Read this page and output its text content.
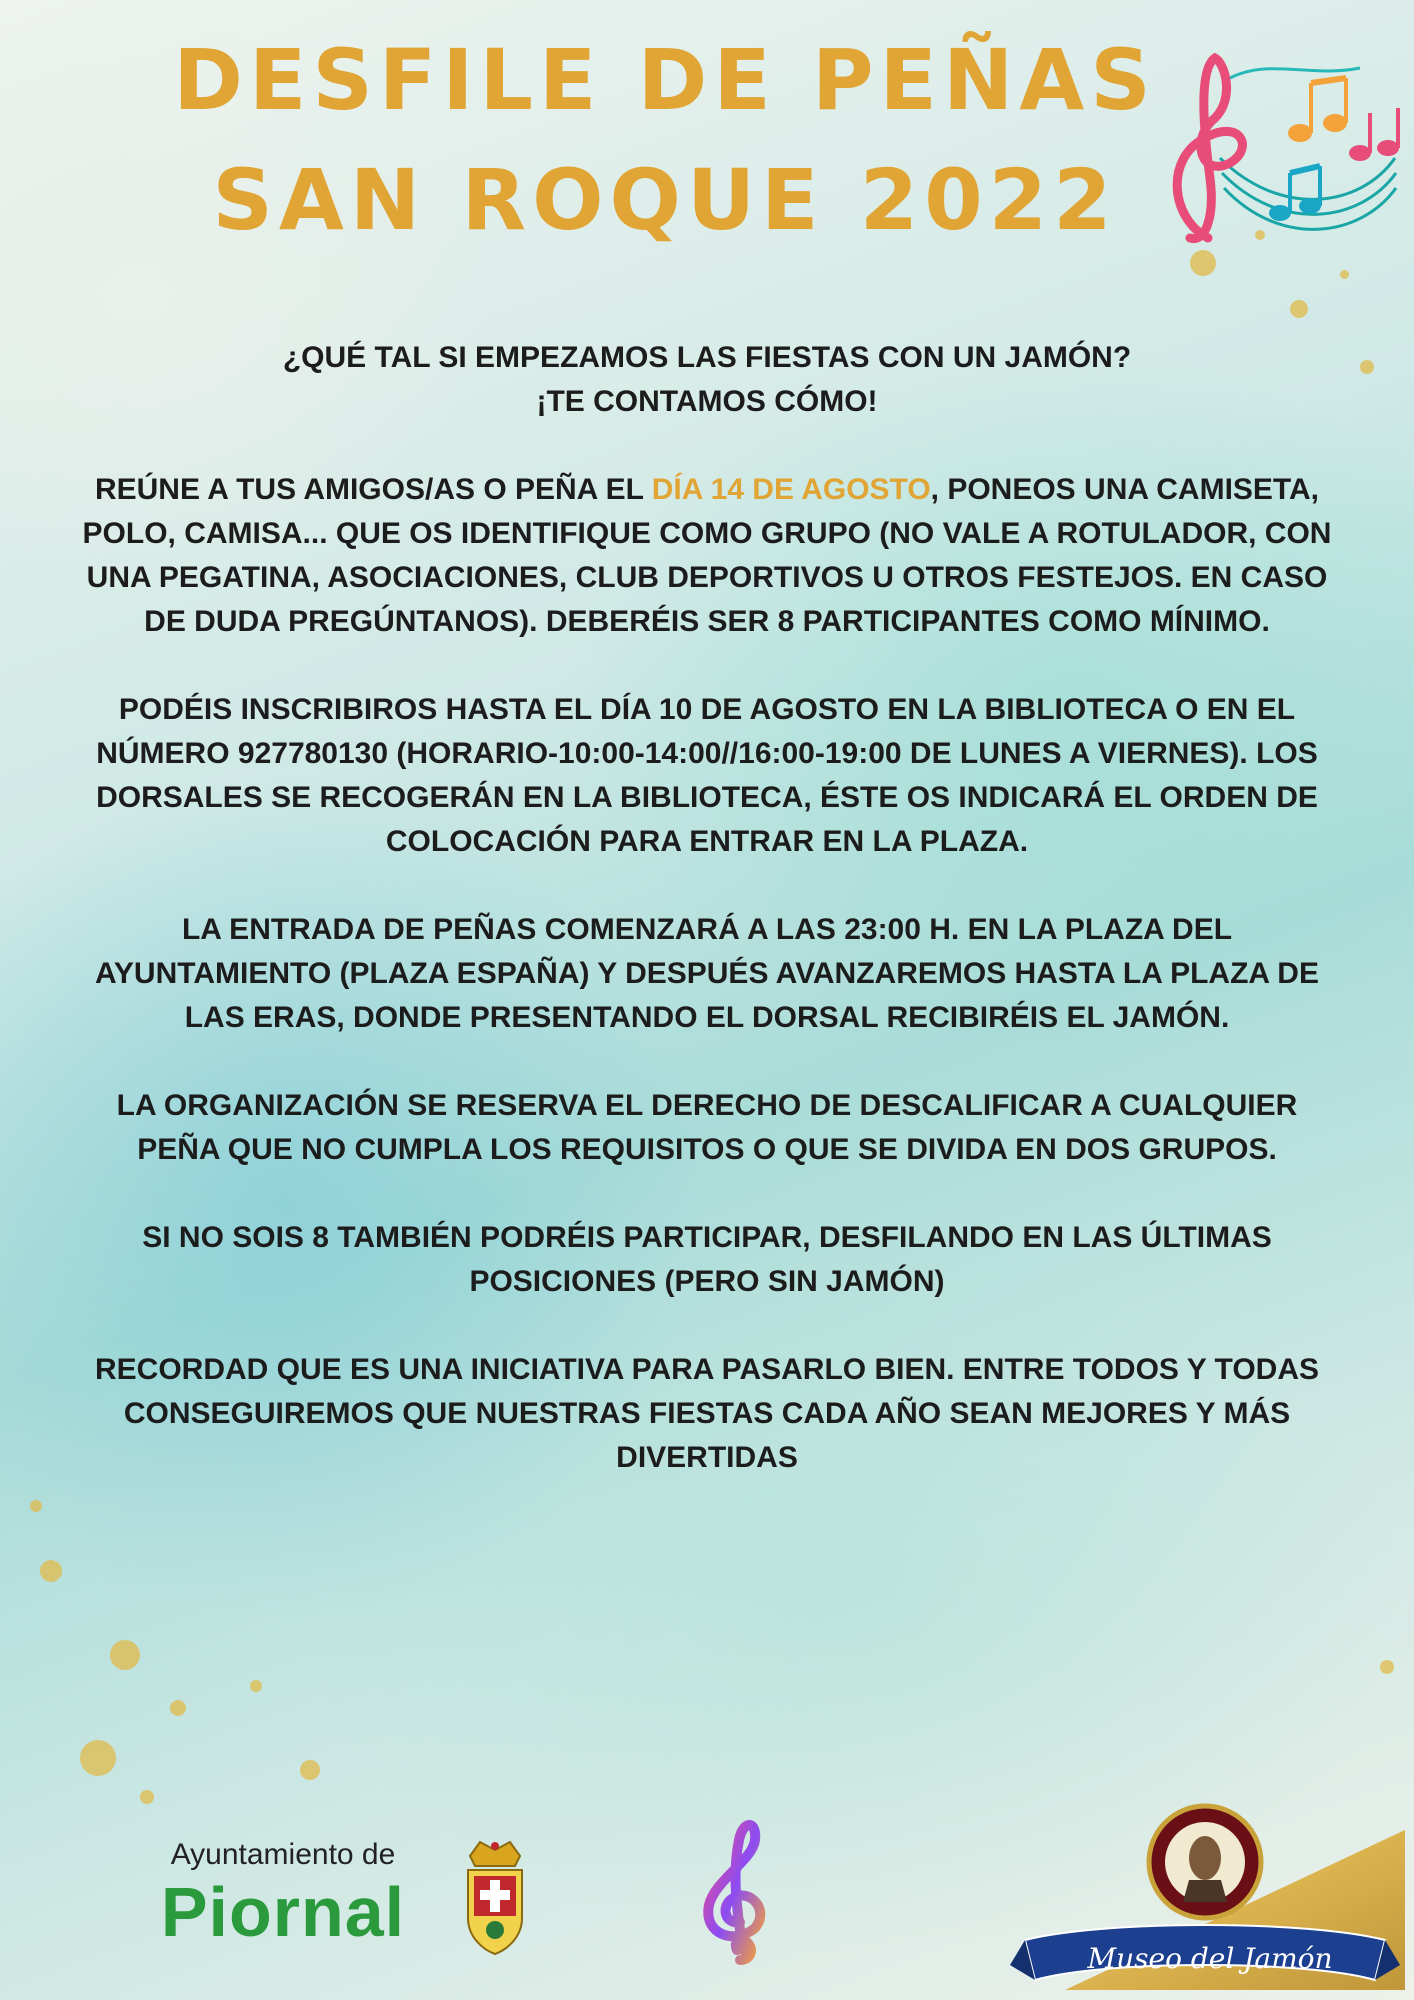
DESFILE DE PEÑAS SAN ROQUE 2022

¿QUÉ TAL SI EMPEZAMOS LAS FIESTAS CON UN JAMÓN?
¡TE CONTAMOS CÓMO!

REÚNE A TUS AMIGOS/AS O PEÑA EL DÍA 14 DE AGOSTO, PONEOS UNA CAMISETA, POLO, CAMISA... QUE OS IDENTIFIQUE COMO GRUPO (NO VALE A ROTULADOR, CON UNA PEGATINA, ASOCIACIONES, CLUB DEPORTIVOS U OTROS FESTEJOS. EN CASO DE DUDA PREGÚNTANOS). DEBERÉIS SER 8 PARTICIPANTES COMO MÍNIMO.

PODÉIS INSCRIBIROS HASTA EL DÍA 10 DE AGOSTO EN LA BIBLIOTECA O EN EL NÚMERO 927780130 (HORARIO-10:00-14:00//16:00-19:00 DE LUNES A VIERNES). LOS DORSALES SE RECOGERÁN EN LA BIBLIOTECA, ÉSTE OS INDICARÁ EL ORDEN DE COLOCACIÓN PARA ENTRAR EN LA PLAZA.

LA ENTRADA DE PEÑAS COMENZARÁ A LAS 23:00 H. EN LA PLAZA DEL AYUNTAMIENTO (PLAZA ESPAÑA) Y DESPUÉS AVANZAREMOS HASTA LA PLAZA DE LAS ERAS, DONDE PRESENTANDO EL DORSAL RECIBIRÉIS EL JAMÓN.

LA ORGANIZACIÓN SE RESERVA EL DERECHO DE DESCALIFICAR A CUALQUIER PEÑA QUE NO CUMPLA LOS REQUISITOS O QUE SE DIVIDA EN DOS GRUPOS.

SI NO SOIS 8 TAMBIÉN PODRÉIS PARTICIPAR, DESFILANDO EN LAS ÚLTIMAS POSICIONES (PERO SIN JAMÓN)

RECORDAD QUE ES UNA INICIATIVA PARA PASARLO BIEN. ENTRE TODOS Y TODAS CONSEGUIREMOS QUE NUESTRAS FIESTAS CADA AÑO SEAN MEJORES Y MÁS DIVERTIDAS

Ayuntamiento de
Piornal
Museo del Jamón
